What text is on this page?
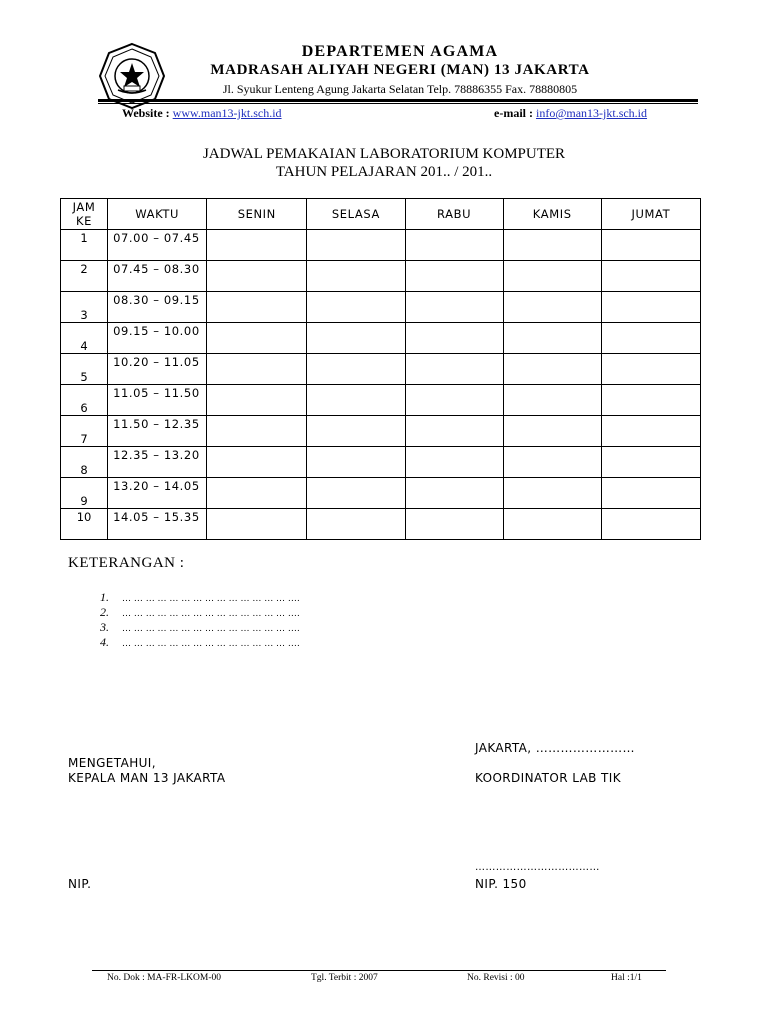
DEPARTEMEN AGAMA
MADRASAH ALIYAH NEGERI (MAN) 13 JAKARTA
Jl. Syukur Lenteng Agung Jakarta Selatan Telp. 78886355 Fax. 78880805
Website : www.man13-jkt.sch.id	e-mail : info@man13-jkt.sch.id
JADWAL PEMAKAIAN LABORATORIUM KOMPUTER
TAHUN PELAJARAN 201.. / 201..
JAM
KE	WAKTU	SENIN	SELASA	RABU	KAMIS	JUMAT

1	07.00 – 07.45					

2	07.45 – 08.30					

3	08.30 – 09.15					

4	09.15 – 10.00					

5	10.20 – 11.05					

6	11.05 – 11.50					

7	11.50 – 12.35					

8	12.35 – 13.20					

9	13.20 – 14.05					

10	14.05 – 15.35					

KETERANGAN :
1. … … … … … … … … … … … … … … ….
2. … … … … … … … … … … … … … … ….
3. … … … … … … … … … … … … … … ….
4. … … … … … … … … … … … … … … ….
JAKARTA, ……………………
MENGETAHUI,
KEPALA MAN 13 JAKARTA	KOORDINATOR LAB TIK
………………………………
NIP.	NIP. 150
No. Dok : MA-FR-LKOM-00	Tgl. Terbit : 2007	No. Revisi : 00	Hal :1/1
